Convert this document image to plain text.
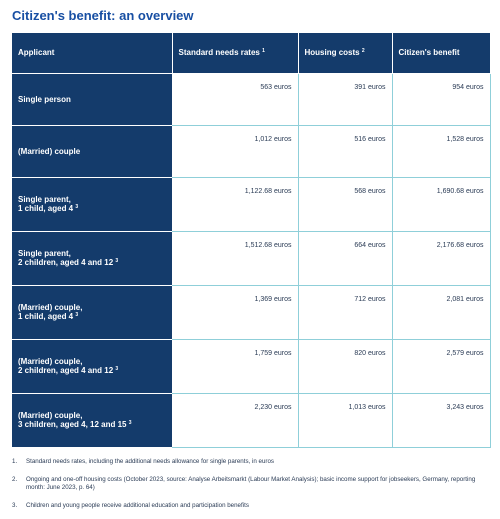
Citizen's benefit: an overview
Applicant	Standard needs rates $^1$	Housing costs $^2$	Citizen's benefit

Single person	563 euros	391 euros	954 euros

(Married) couple	1,012 euros	516 euros	1,528 euros

Single parent,
1 child, aged 4 $^3$	1,122.68 euros	568 euros	1,690.68 euros

Single parent,
2 children, aged 4 and 12 $^3$	1,512.68 euros	664 euros	2,176.68 euros

(Married) couple,
1 child, aged 4 $^3$	1,369 euros	712 euros	2,081 euros

(Married) couple,
2 children, aged 4 and 12 $^3$	1,759 euros	820 euros	2,579 euros

(Married) couple,
3 children, aged 4, 12 and 15 $^3$	2,230 euros	1,013 euros	3,243 euros
1.	Standard needs rates, including the additional needs allowance for single parents, in euros
2.	Ongoing and one-off housing costs (October 2023, source: Analyse Arbeitsmarkt (Labour Market Analysis); basic income support for jobseekers, Germany, reporting month: June 2023, p. 64)
3.	Children and young people receive additional education and participation benefits
